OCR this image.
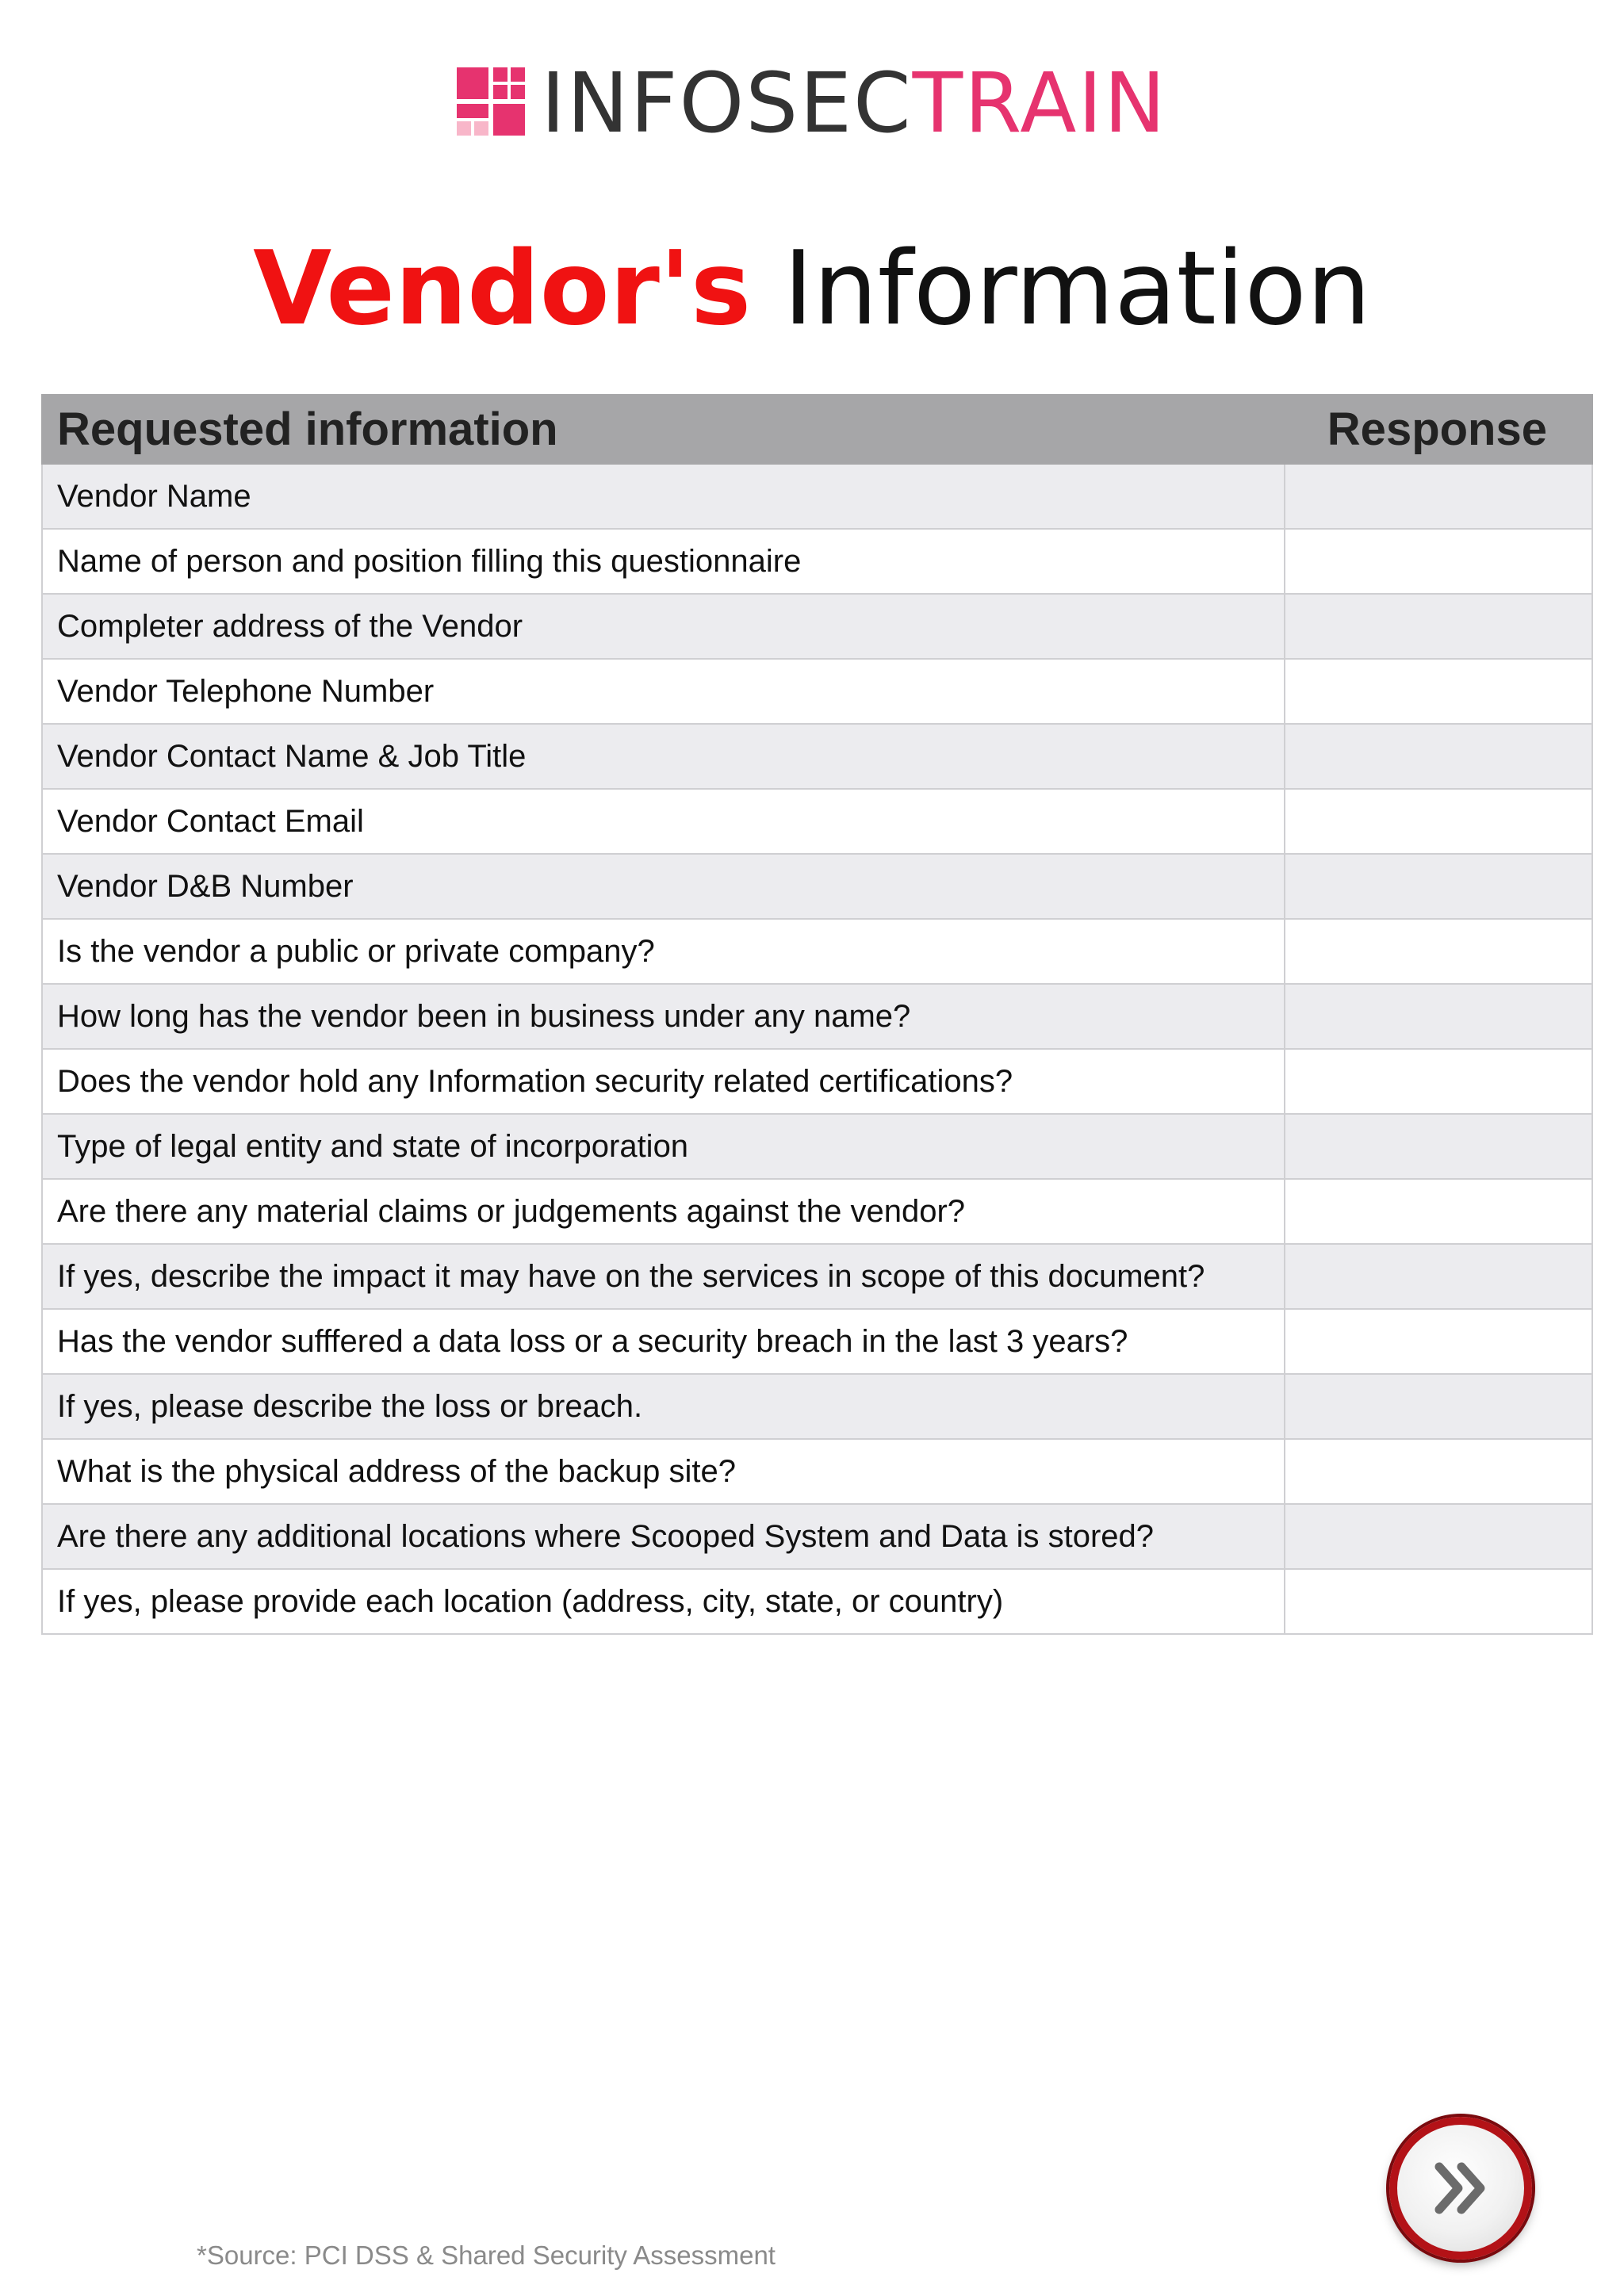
INFOSECTRAIN
Vendor's Information
Requested information	Response
Vendor Name	
Name of person and position filling this questionnaire	
Completer address of the Vendor	
Vendor Telephone Number	
Vendor Contact Name & Job Title	
Vendor Contact Email	
Vendor D&B Number	
Is the vendor a public or private company?	
How long has the vendor been in business under any name?	
Does the vendor hold any Information security related certifications?	
Type of legal entity and state of incorporation	
Are there any material claims or judgements against the vendor?	
If yes, describe the impact it may have on the services in scope of this document?	
Has the vendor sufffered a data loss or a security breach in the last 3 years?	
If yes, please describe the loss or breach.	
What is the physical address of the backup site?	
Are there any additional locations where Scooped System and Data is stored?	
If yes, please provide each location (address, city, state, or country)	
*Source: PCI DSS & Shared Security Assessment
